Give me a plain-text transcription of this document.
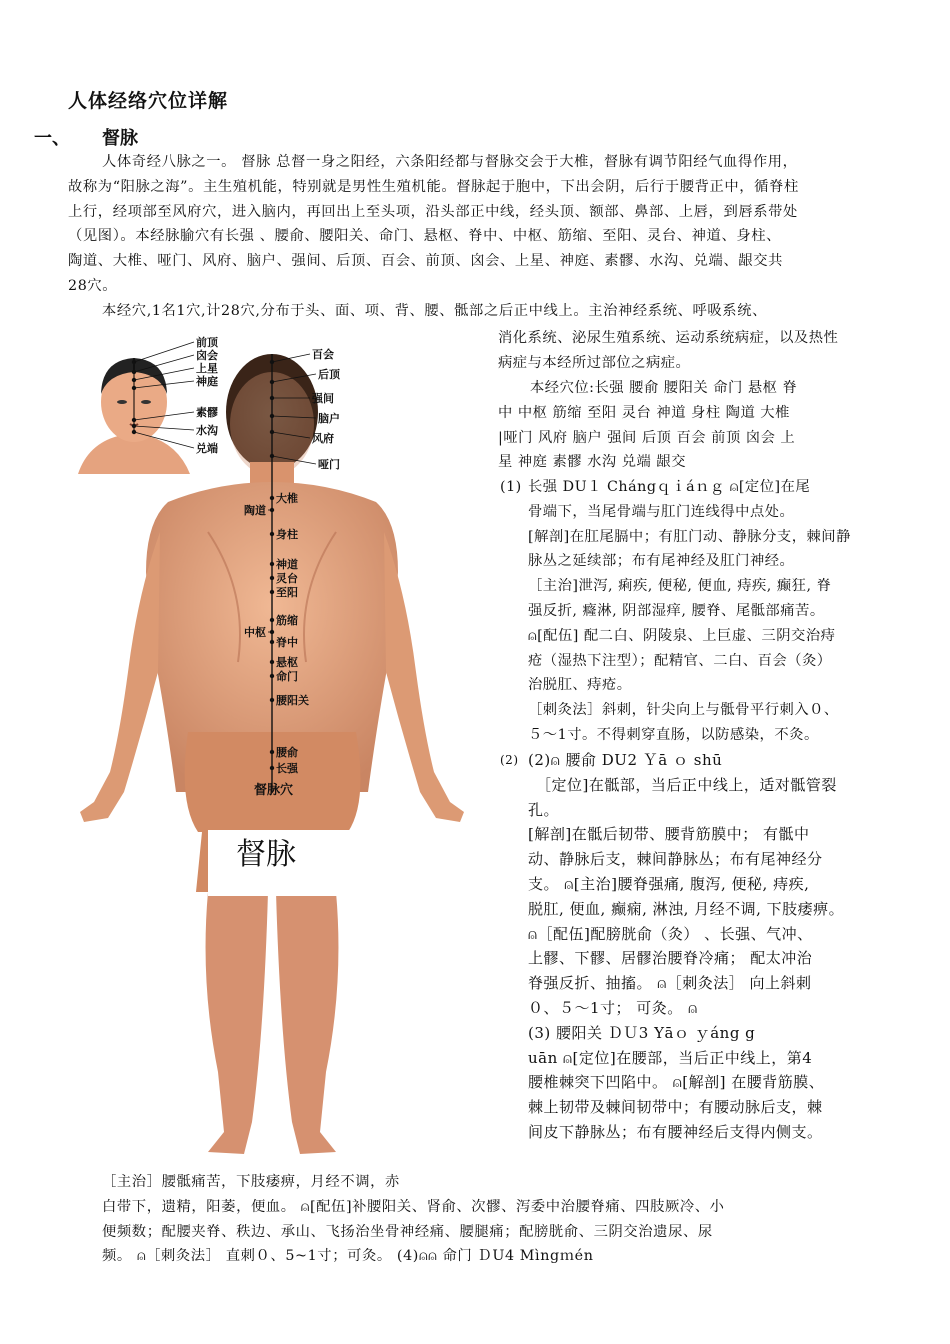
人体经络穴位详解
一、 督脉
人体奇经八脉之一。 督脉 总督一身之阳经，六条阳经都与督脉交会于大椎，督脉有调节阳经气血得作用，
故称为“阳脉之海”。主生殖机能，特别就是男性生殖机能。督脉起于胞中，下出会阴，后行于腰背正中，循脊柱
上行，经项部至风府穴，进入脑内，再回出上至头项，沿头部正中线，经头顶、额部、鼻部、上唇，到唇系带处
（见图）。本经脉腧穴有长强 、腰俞、腰阳关、命门、悬枢、脊中、中枢、筋缩、至阳、灵台、神道、身柱、
陶道、大椎、哑门、风府、脑户、强间、后顶、百会、前顶、囟会、上星、神庭、素髎、水沟、兑端、龈交共
28穴。
本经穴,1名1穴,计28穴,分布于头、面、项、背、腰、骶部之后正中线上。主治神经系统、呼吸系统、
前顶
囟会
上星
神庭
素髎
水沟
兑端
百会
后顶
强间
脑户
风府
哑门
大椎
身柱
神道
灵台
至阳
筋缩
脊中
悬枢
命门
腰阳关
腰俞
长强
陶道
中枢
督脉
督脉穴
消化系统、泌尿生殖系统、运动系统病症，以及热性
病症与本经所过部位之病症。
本经穴位:长强 腰俞 腰阳关 命门 悬枢 脊
中 中枢 筋缩 至阳 灵台 神道 身柱 陶道 大椎
|哑门 风府 脑户 强间 后顶 百会 前顶 囟会 上
星 神庭 素髎 水沟 兑端 龈交
(1) 长强 DU１ Chángｑｉáｎｇ ⍝[定位]在尾
骨端下，当尾骨端与肛门连线得中点处。
[解剖]在肛尾膈中；有肛门动、静脉分支，棘间静
脉丛之延续部；布有尾神经及肛门神经。
［主治]泄泻, 痢疾, 便秘, 便血, 痔疾, 癫狂, 脊
强反折, 癃淋, 阴部湿痒, 腰脊、尾骶部痛苦。
⍝[配伍] 配二白、阴陵泉、上巨虚、三阴交治痔
疮（湿热下注型）；配精官、二白、百会（灸）
治脱肛、痔疮。
［刺灸法］斜刺，针尖向上与骶骨平行刺入０、
５～1寸。不得刺穿直肠，以防感染，不灸。
(2) (2)⍝ 腰俞 DU2 Ｙā ｏ shū
［定位]在骶部，当后正中线上，适对骶管裂
孔。
[解剖]在骶后韧带、腰背筋膜中； 有骶中
动、静脉后支，棘间静脉丛；布有尾神经分
支。 ⍝[主治]腰脊强痛, 腹泻, 便秘, 痔疾,
脱肛, 便血, 癫痫, 淋浊, 月经不调, 下肢痿痹。
⍝［配伍]配膀胱俞（灸） 、长强、气冲、
上髎、下髎、居髎治腰脊冷痛； 配太冲治
脊强反折、抽搐。 ⍝［刺灸法］ 向上斜刺
０、５～1寸； 可灸。 ⍝
(3) 腰阳关 ＤＵ3 Yāｏ ｙáng g
uān ⍝[定位]在腰部，当后正中线上，第4
腰椎棘突下凹陷中。 ⍝[解剖] 在腰背筋膜、
棘上韧带及棘间韧带中；有腰动脉后支，棘
间皮下静脉丛；布有腰神经后支得内侧支。
［主治］腰骶痛苦，下肢痿痹，月经不调，赤
白带下，遗精，阳萎，便血。 ⍝[配伍]补腰阳关、肾俞、次髎、泻委中治腰脊痛、四肢厥冷、小
便频数；配腰夹脊、秩边、承山、飞扬治坐骨神经痛、腰腿痛；配膀胱俞、三阴交治遗尿、尿
频。 ⍝［刺灸法］ 直刺０、5~1寸；可灸。 (4)⍝⍝ 命门 ＤU4 Mìngｍén
